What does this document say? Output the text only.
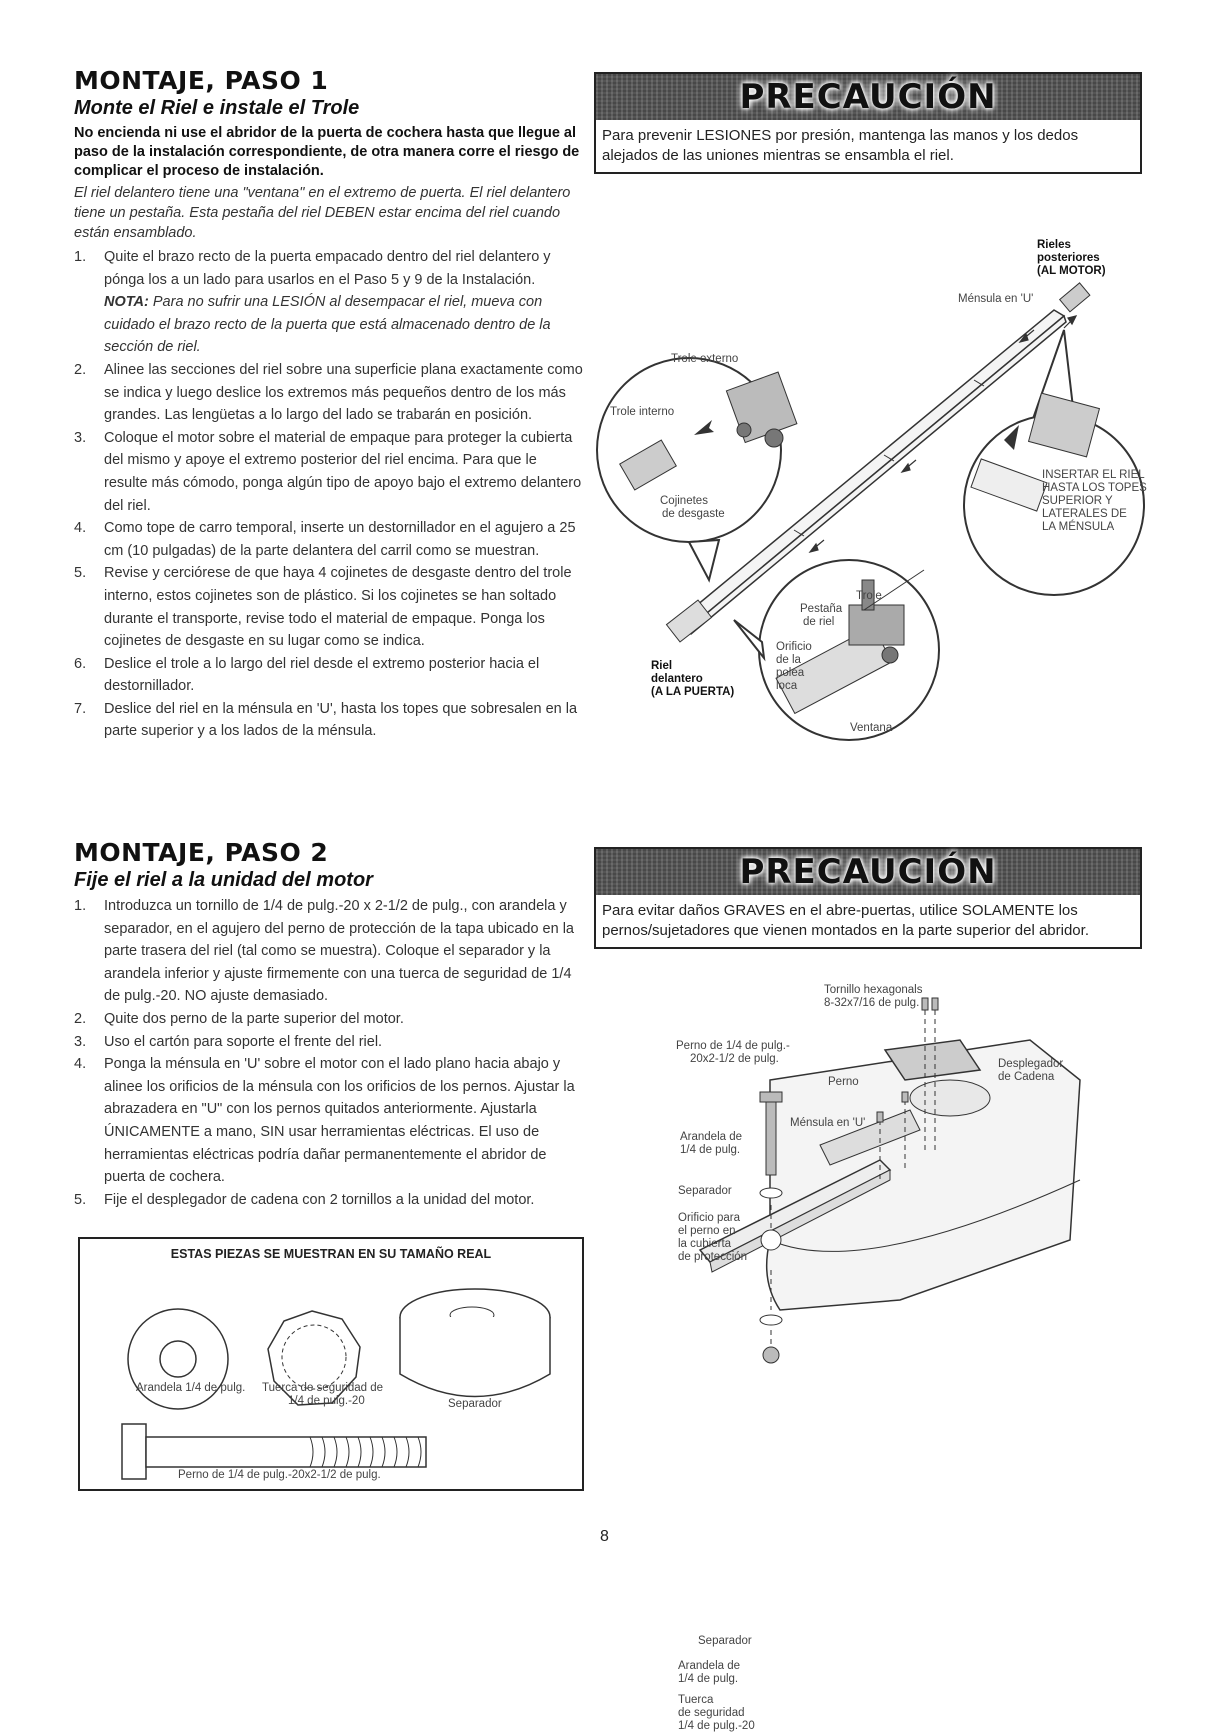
MONTAJE, PASO 1
Monte el Riel e instale el Trole
No encienda ni use el abridor de la puerta de cochera hasta que llegue al paso de la instalación correspondiente, de otra manera corre el riesgo de complicar el proceso de instalación.
El riel delantero tiene una "ventana" en el extremo de puerta. El riel delantero tiene un pestaña. Esta pestaña del riel DEBEN estar encima del riel cuando están ensamblado.
1.	Quite el brazo recto de la puerta empacado dentro del riel delantero y pónga los a un lado para usarlos en el Paso 5 y 9 de la Instalación. NOTA: Para no sufrir una LESIÓN al desempacar el riel, mueva con cuidado el brazo recto de la puerta que está almacenado dentro de la sección de riel.
2.	Alinee las secciones del riel sobre una superficie plana exactamente como se indica y luego deslice los extremos más pequeños dentro de los más grandes. Las lengüetas a lo largo del lado se trabarán en posición.
3.	Coloque el motor sobre el material de empaque para proteger la cubierta del mismo y apoye el extremo posterior del riel encima. Para que le resulte más cómodo, ponga algún tipo de apoyo bajo el extremo delantero del riel.
4.	Como tope de carro temporal, inserte un destornillador en el agujero a 25 cm (10 pulgadas) de la parte delantera del carril como se muestran.
5.	Revise y cerciórese de que haya 4 cojinetes de desgaste dentro del trole interno, estos cojinetes son de plástico. Si los cojinetes se han soltado durante el transporte, revise todo el material de empaque. Ponga los cojinetes de desgaste en su lugar como se indica.
6.	Deslice el trole a lo largo del riel desde el extremo posterior hacia el destornillador.
7.	Deslice del riel en la ménsula en 'U', hasta los topes que sobresalen en la parte superior y a los lados de la ménsula.
PRECAUCIÓN
Para prevenir LESIONES por presión, mantenga las manos y los dedos alejados de las uniones mientras se ensambla el riel.
Rieles
posteriores
(AL MOTOR)
Ménsula en 'U'
Trole externo
Trole interno
Cojinetes
de desgaste
INSERTAR EL RIEL
HASTA LOS TOPES
SUPERIOR Y
LATERALES DE
LA MÉNSULA
Trole
Pestaña
de riel
Orificio
de la
polea
loca
Ventana
Riel
delantero
(A LA PUERTA)
MONTAJE, PASO 2
Fije el riel a la unidad del motor
1.	Introduzca un tornillo de 1/4 de pulg.-20 x 2-1/2 de pulg., con arandela y separador, en el agujero del perno de protección de la tapa ubicado en la parte trasera del riel (tal como se muestra). Coloque el separador y la arandela inferior y ajuste firmemente con una tuerca de seguridad de 1/4 de pulg.-20. NO ajuste demasiado.
2.	Quite dos perno de la parte superior del motor.
3.	Uso el cartón para soporte el frente del riel.
4.	Ponga la ménsula en 'U' sobre el motor con el lado plano hacia abajo y alinee los orificios de la ménsula con los orificios de los pernos. Ajustar la abrazadera en "U" con los pernos quitados anteriormente. Ajustarla ÚNICAMENTE a mano, SIN usar herramientas eléctricas. El uso de herramientas eléctricas podría dañar permanentemente el abridor de puerta de cochera.
5.	Fije el desplegador de cadena con 2 tornillos a la unidad del motor.
ESTAS PIEZAS SE MUESTRAN EN SU TAMAÑO REAL
Arandela 1/4 de pulg. Tuerca de seguridad de
1/4 de pulg.-20	Separador
Perno de 1/4 de pulg.-20x2-1/2 de pulg.
PRECAUCIÓN
Para evitar daños GRAVES en el abre-puertas, utilice SOLAMENTE los pernos/sujetadores que vienen montados en la parte superior del abridor.
Tornillo hexagonals
8-32x7/16 de pulg.
Perno de 1/4 de pulg.-
20x2-1/2 de pulg.	Desplegador
de Cadena
Perno
Ménsula en 'U'
Arandela de
1/4 de pulg.
Separador
Orificio para
el perno en
la cubierta
de protección
Separador
Arandela de
1/4 de pulg.
Tuerca
de seguridad
1/4 de pulg.-20
8
